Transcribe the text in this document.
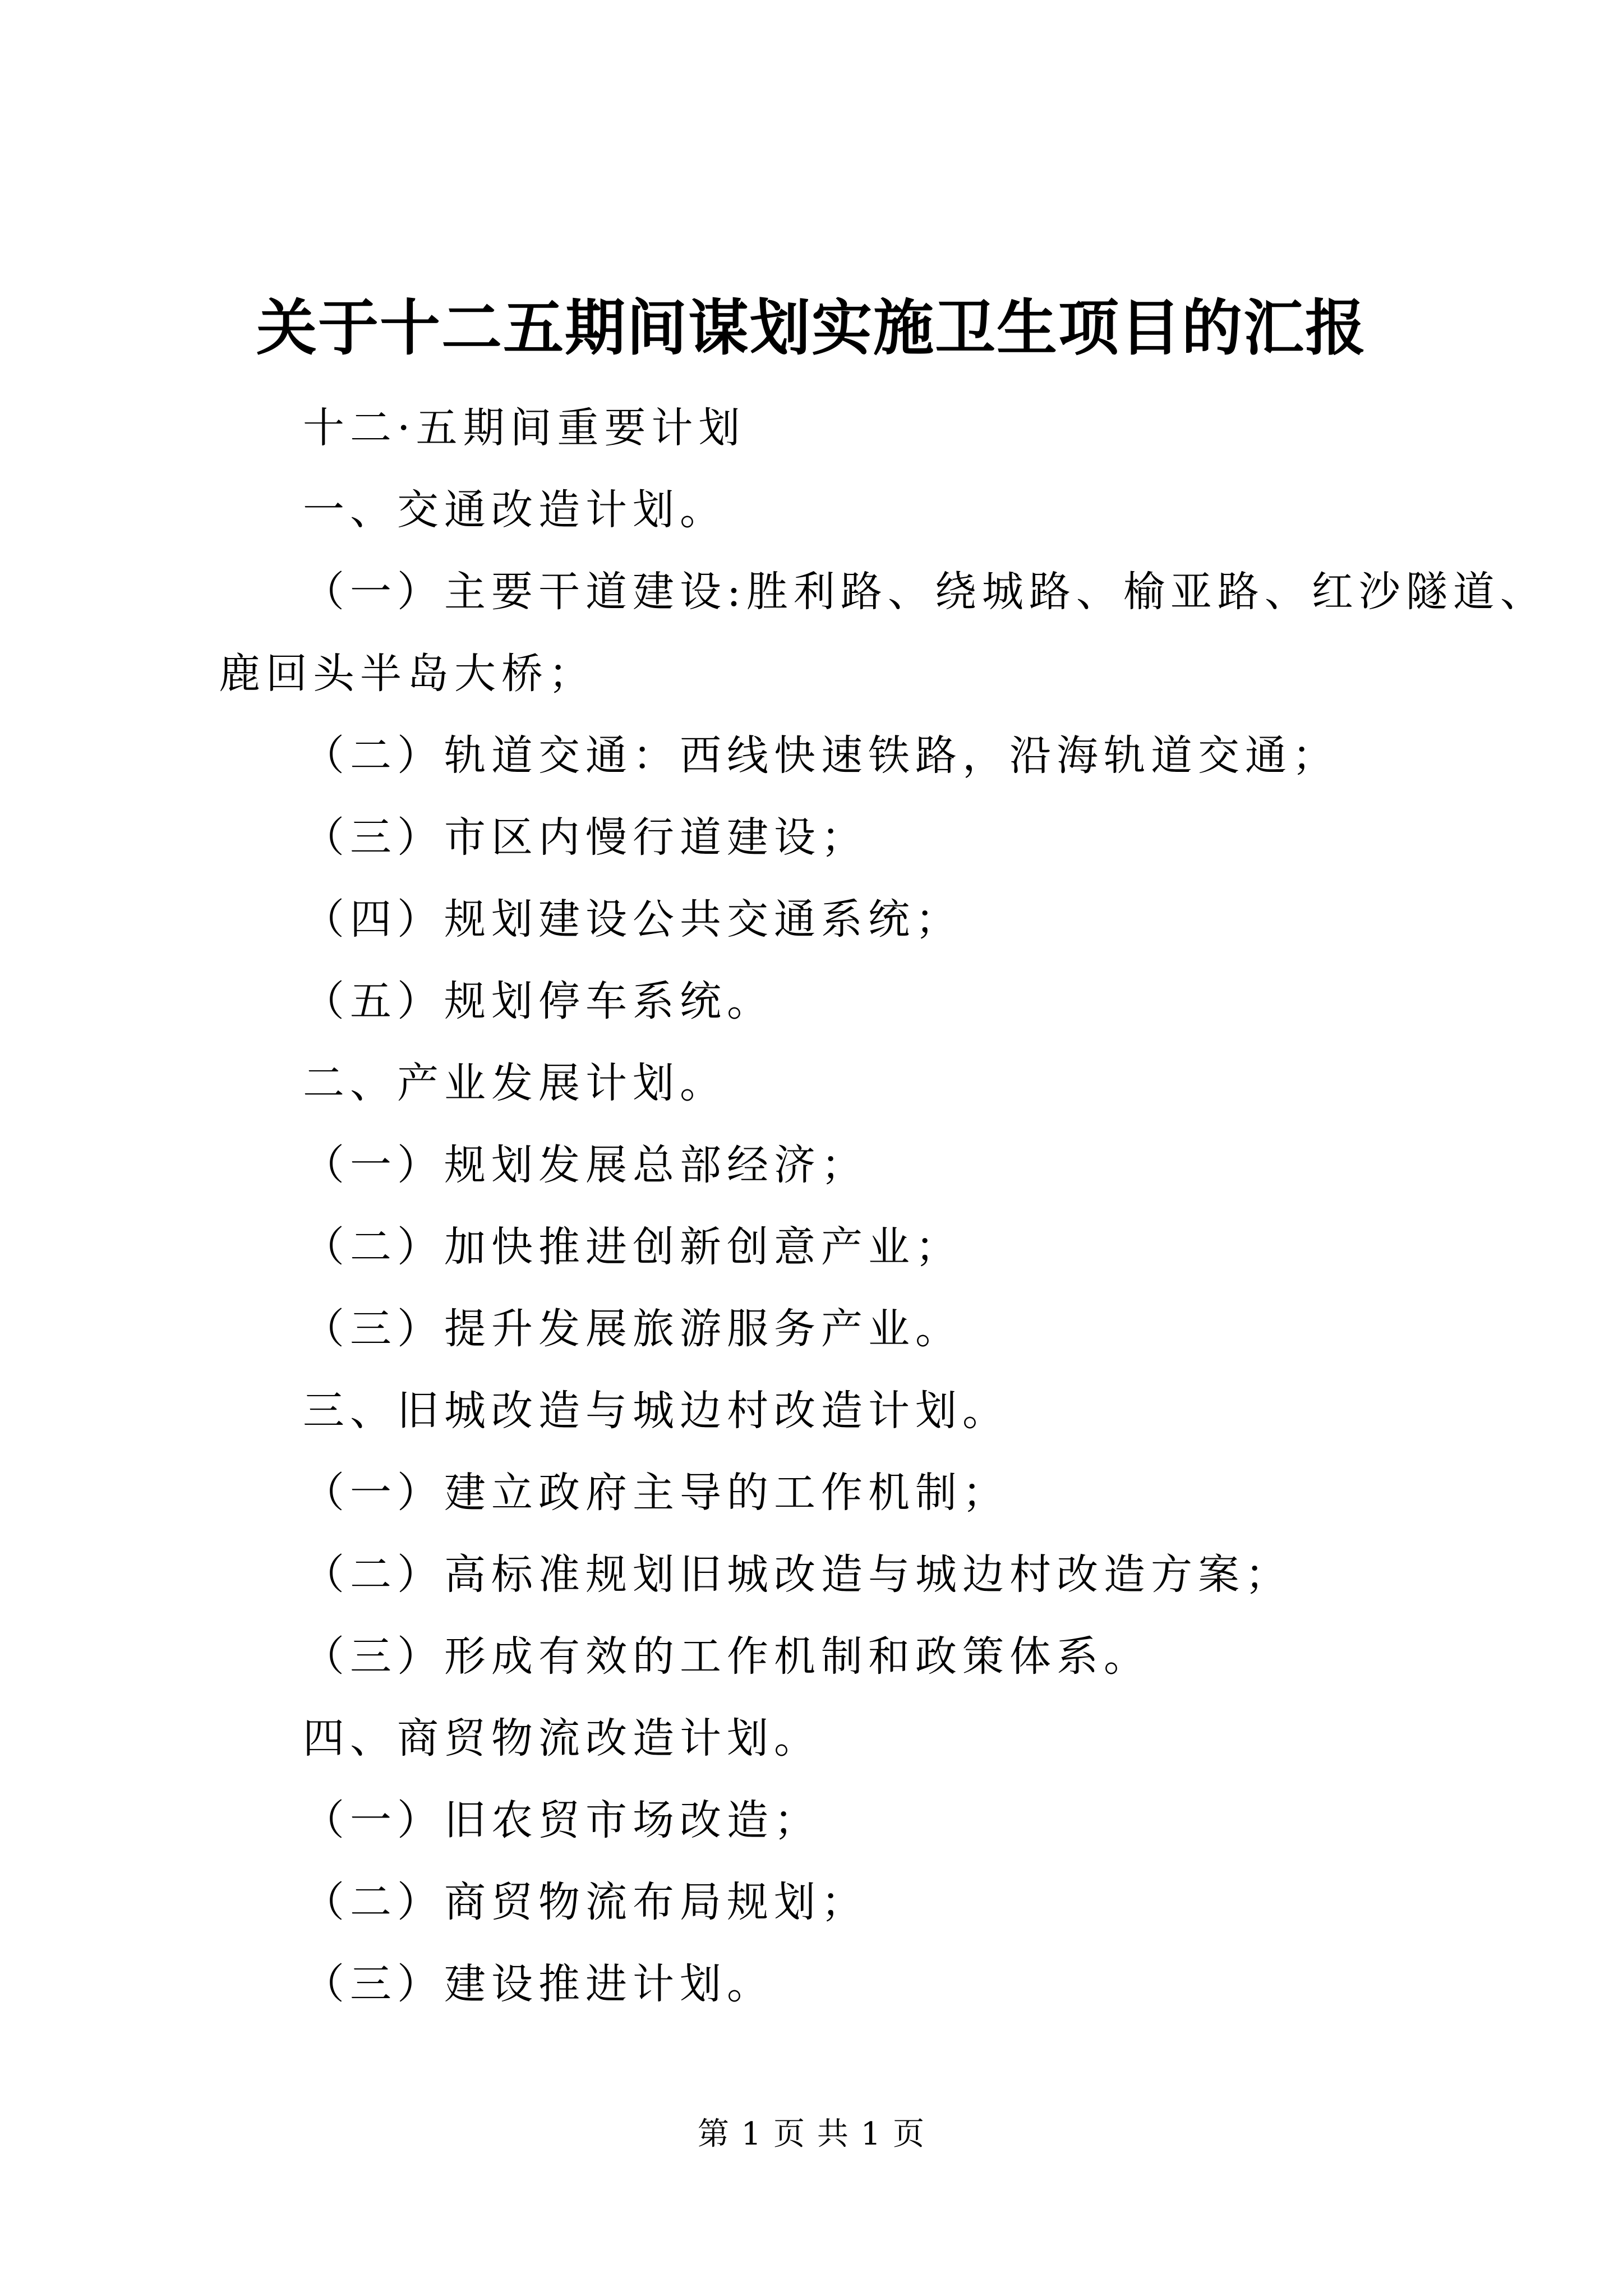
关于十二五期间谋划实施卫生项目的汇报
十二·五期间重要计划
一、交通改造计划。
（一）主要干道建设:胜利路、绕城路、榆亚路、红沙隧道、
鹿回头半岛大桥；
（二）轨道交通：西线快速铁路，沿海轨道交通；
（三）市区内慢行道建设；
（四）规划建设公共交通系统；
（五）规划停车系统。
二、产业发展计划。
（一）规划发展总部经济；
（二）加快推进创新创意产业；
（三）提升发展旅游服务产业。
三、旧城改造与城边村改造计划。
（一）建立政府主导的工作机制；
（二）高标准规划旧城改造与城边村改造方案；
（三）形成有效的工作机制和政策体系。
四、商贸物流改造计划。
（一）旧农贸市场改造；
（二）商贸物流布局规划；
（三）建设推进计划。
第 1 页 共 1 页
